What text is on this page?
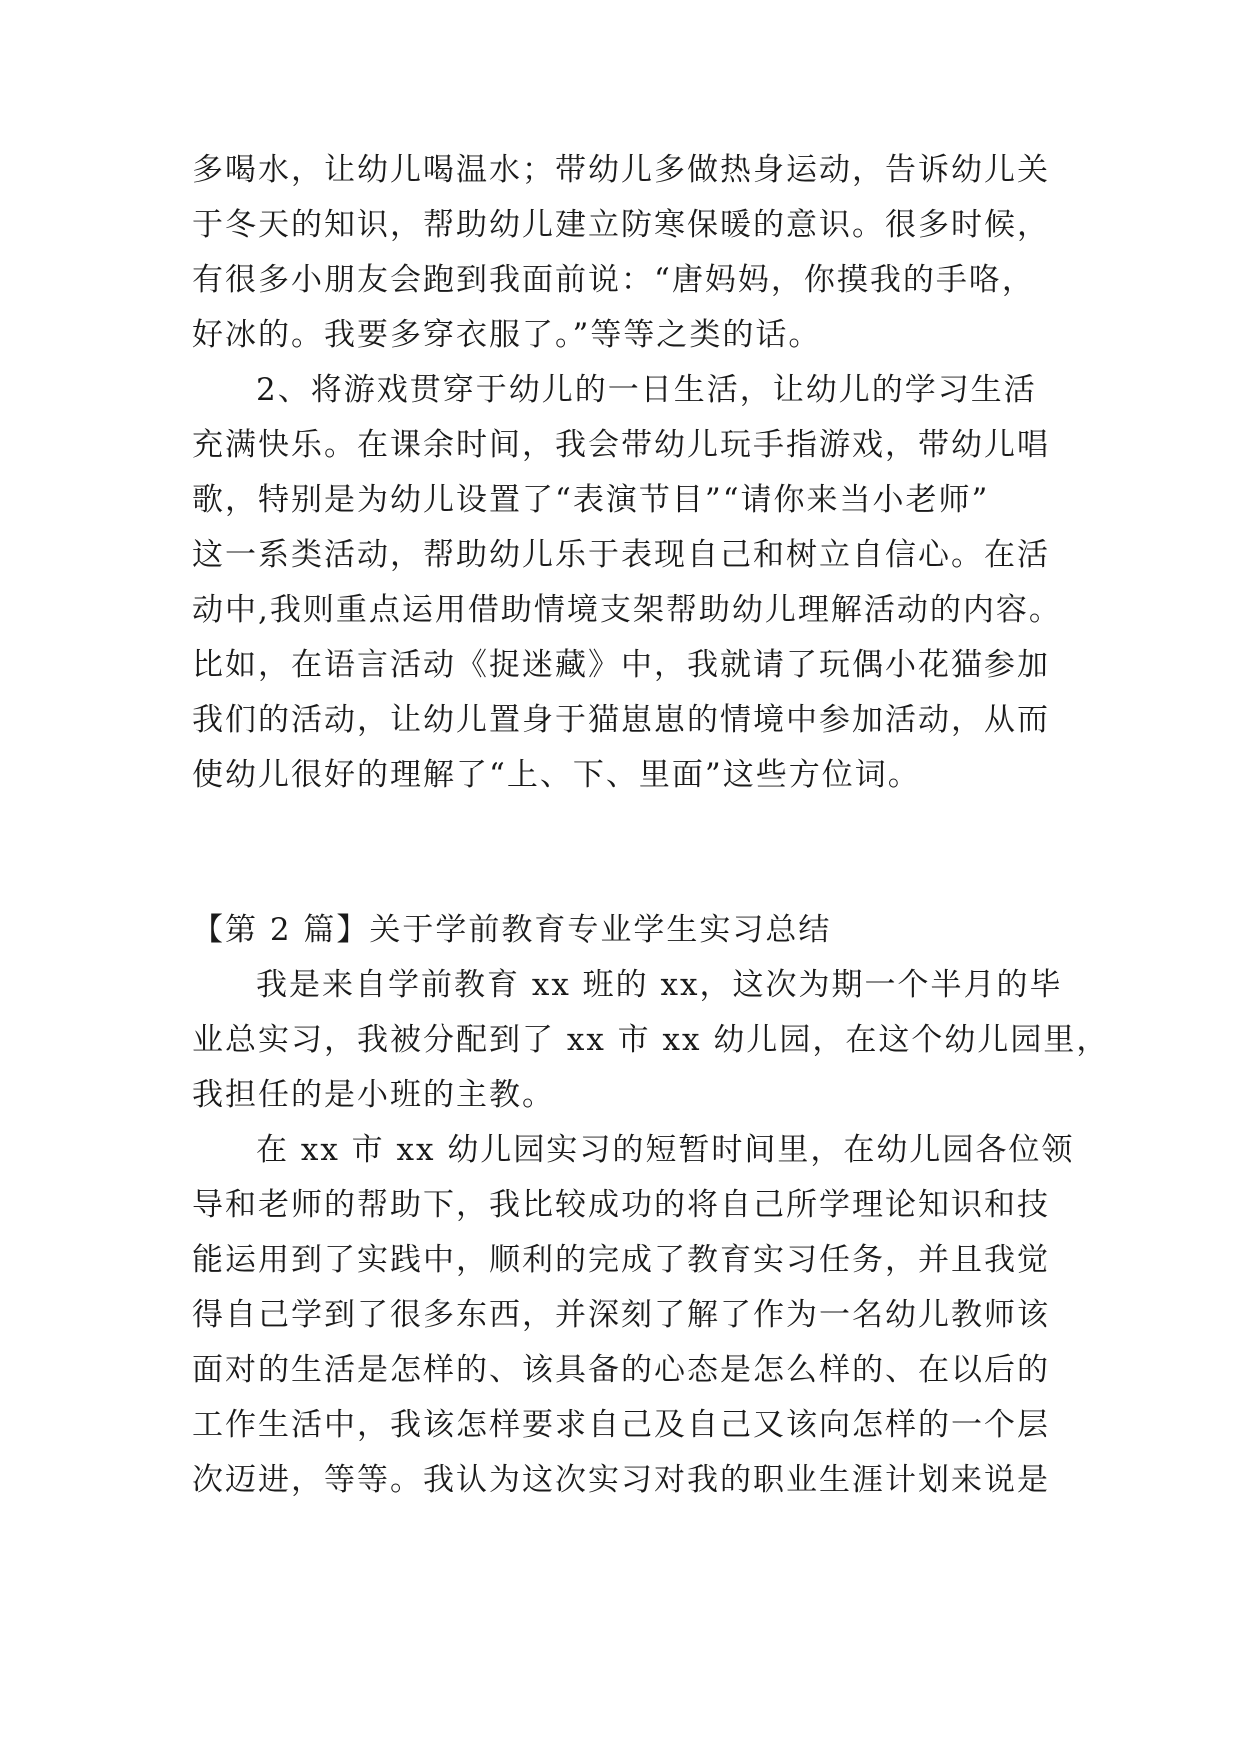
多喝水，让幼儿喝温水；带幼儿多做热身运动，告诉幼儿关
于冬天的知识，帮助幼儿建立防寒保暖的意识。很多时候，
有很多小朋友会跑到我面前说：“唐妈妈，你摸我的手咯，
好冰的。我要多穿衣服了。”等等之类的话。
2、将游戏贯穿于幼儿的一日生活，让幼儿的学习生活
充满快乐。在课余时间，我会带幼儿玩手指游戏，带幼儿唱
歌，特别是为幼儿设置了“表演节目”“请你来当小老师”
这一系类活动，帮助幼儿乐于表现自己和树立自信心。在活
动中,我则重点运用借助情境支架帮助幼儿理解活动的内容。
比如，在语言活动《捉迷藏》中，我就请了玩偶小花猫参加
我们的活动，让幼儿置身于猫崽崽的情境中参加活动，从而
使幼儿很好的理解了“上、下、里面”这些方位词。
【第 2 篇】关于学前教育专业学生实习总结
我是来自学前教育 xx 班的 xx，这次为期一个半月的毕
业总实习，我被分配到了 xx 市 xx 幼儿园，在这个幼儿园里，
我担任的是小班的主教。
在 xx 市 xx 幼儿园实习的短暂时间里，在幼儿园各位领
导和老师的帮助下，我比较成功的将自己所学理论知识和技
能运用到了实践中，顺利的完成了教育实习任务，并且我觉
得自己学到了很多东西，并深刻了解了作为一名幼儿教师该
面对的生活是怎样的、该具备的心态是怎么样的、在以后的
工作生活中，我该怎样要求自己及自己又该向怎样的一个层
次迈进，等等。我认为这次实习对我的职业生涯计划来说是
